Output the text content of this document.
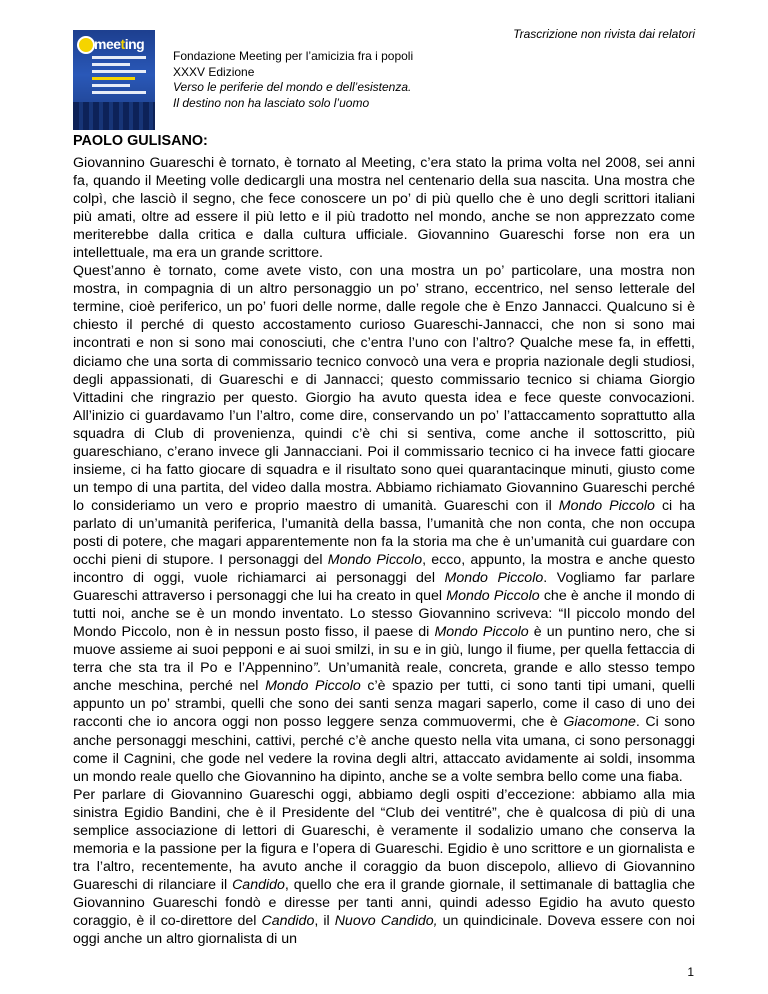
Trascrizione non rivista dai relatori
meeting
Fondazione Meeting per l’amicizia fra i popoli
XXXV Edizione
Verso le periferie del mondo e dell’esistenza.
Il destino non ha lasciato solo l’uomo
PAOLO GULISANO:

Giovannino Guareschi è tornato, è tornato al Meeting, c’era stato la prima volta nel 2008, sei anni fa, quando il Meeting volle dedicargli una mostra nel centenario della sua nascita. Una mostra che colpì, che lasciò il segno, che fece conoscere un po’ di più quello che è uno degli scrittori italiani più amati, oltre ad essere il più letto e il più tradotto nel mondo, anche se non apprezzato come meriterebbe dalla critica e dalla cultura ufficiale. Giovannino Guareschi forse non era un intellettuale, ma era un grande scrittore.

Quest’anno è tornato, come avete visto, con una mostra un po’ particolare, una mostra non mostra, in compagnia di un altro personaggio un po’ strano, eccentrico, nel senso letterale del termine, cioè periferico, un po’ fuori delle norme, dalle regole che è Enzo Jannacci. Qualcuno si è chiesto il perché di questo accostamento curioso Guareschi-Jannacci, che non si sono mai incontrati e non si sono mai conosciuti, che c’entra l’uno con l’altro? Qualche mese fa, in effetti, diciamo che una sorta di commissario tecnico convocò una vera e propria nazionale degli studiosi, degli appassionati, di Guareschi e di Jannacci; questo commissario tecnico si chiama Giorgio Vittadini che ringrazio per questo. Giorgio ha avuto questa idea e fece queste convocazioni. All’inizio ci guardavamo l’un l’altro, come dire, conservando un po’ l’attaccamento soprattutto alla squadra di Club di provenienza, quindi c’è chi si sentiva, come anche il sottoscritto, più guareschiano, c’erano invece gli Jannacciani. Poi il commissario tecnico ci ha invece fatti giocare insieme, ci ha fatto giocare di squadra e il risultato sono quei quarantacinque minuti, giusto come un tempo di una partita, del video dalla mostra. Abbiamo richiamato Giovannino Guareschi perché lo consideriamo un vero e proprio maestro di umanità. Guareschi con il Mondo Piccolo ci ha parlato di un’umanità periferica, l’umanità della bassa, l’umanità che non conta, che non occupa posti di potere, che magari apparentemente non fa la storia ma che è un’umanità cui guardare con occhi pieni di stupore. I personaggi del Mondo Piccolo, ecco, appunto, la mostra e anche questo incontro di oggi, vuole richiamarci ai personaggi del Mondo Piccolo. Vogliamo far parlare Guareschi attraverso i personaggi che lui ha creato in quel Mondo Piccolo che è anche il mondo di tutti noi, anche se è un mondo inventato. Lo stesso Giovannino scriveva: “Il piccolo mondo del Mondo Piccolo, non è in nessun posto fisso, il paese di Mondo Piccolo è un puntino nero, che si muove assieme ai suoi pepponi e ai suoi smilzi, in su e in giù, lungo il fiume, per quella fettaccia di terra che sta tra il Po e l’Appennino”. Un’umanità reale, concreta, grande e allo stesso tempo anche meschina, perché nel Mondo Piccolo c’è spazio per tutti, ci sono tanti tipi umani, quelli appunto un po’ strambi, quelli che sono dei santi senza magari saperlo, come il caso di uno dei racconti che io ancora oggi non posso leggere senza commuovermi, che è Giacomone. Ci sono anche personaggi meschini, cattivi, perché c’è anche questo nella vita umana, ci sono personaggi come il Cagnini, che gode nel vedere la rovina degli altri, attaccato avidamente ai soldi, insomma un mondo reale quello che Giovannino ha dipinto, anche se a volte sembra bello come una fiaba.

Per parlare di Giovannino Guareschi oggi, abbiamo degli ospiti d’eccezione: abbiamo alla mia sinistra Egidio Bandini, che è il Presidente del “Club dei ventitré”, che è qualcosa di più di una semplice associazione di lettori di Guareschi, è veramente il sodalizio umano che conserva la memoria e la passione per la figura e l’opera di Guareschi. Egidio è uno scrittore e un giornalista e tra l’altro, recentemente, ha avuto anche il coraggio da buon discepolo, allievo di Giovannino Guareschi di rilanciare il Candido, quello che era il grande giornale, il settimanale di battaglia che Giovannino Guareschi fondò e diresse per tanti anni, quindi adesso Egidio ha avuto questo coraggio, è il co-direttore del Candido, il Nuovo Candido, un quindicinale. Doveva essere con noi oggi anche un altro giornalista di un

1
